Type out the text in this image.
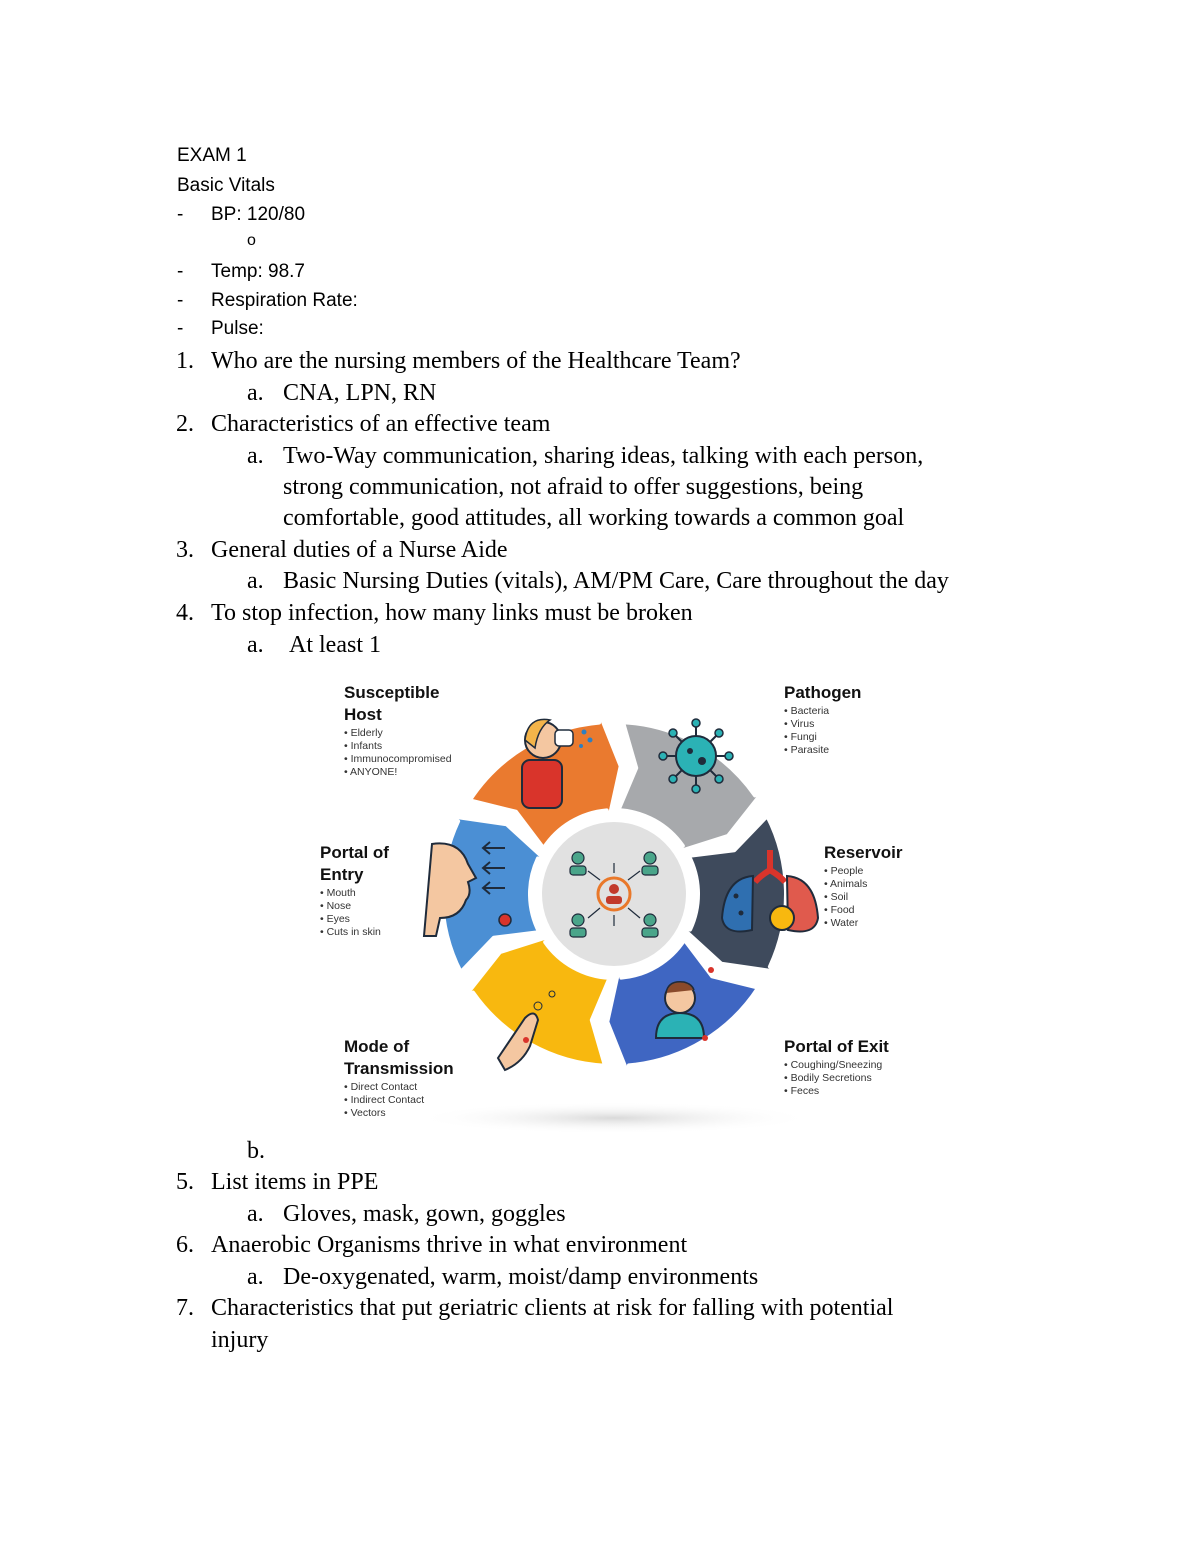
EXAM 1
Basic Vitals
- BP: 120/80
o
- Temp: 98.7
- Respiration Rate:
- Pulse:
1. Who are the nursing members of the Healthcare Team?
a. CNA, LPN, RN
2. Characteristics of an effective team
a. Two-Way communication, sharing ideas, talking with each person,
strong communication, not afraid to offer suggestions, being
comfortable, good attitudes, all working towards a common goal
3. General duties of a Nurse Aide
a. Basic Nursing Duties (vitals), AM/PM Care, Care throughout the day
4. To stop infection, how many links must be broken
a. At least 1
Susceptible
Host
• Elderly
• Infants
• Immunocompromised
• ANYONE!
Pathogen
• Bacteria
• Virus
• Fungi
• Parasite
Reservoir
• People
• Animals
• Soil
• Food
• Water
Portal of Exit
• Coughing/Sneezing
• Bodily Secretions
• Feces
Mode of
Transmission
• Direct Contact
• Indirect Contact
• Vectors
Portal of
Entry
• Mouth
• Nose
• Eyes
• Cuts in skin
b.
5. List items in PPE
a. Gloves, mask, gown, goggles
6. Anaerobic Organisms thrive in what environment
a. De-oxygenated, warm, moist/damp environments
7. Characteristics that put geriatric clients at risk for falling with potential
injury
